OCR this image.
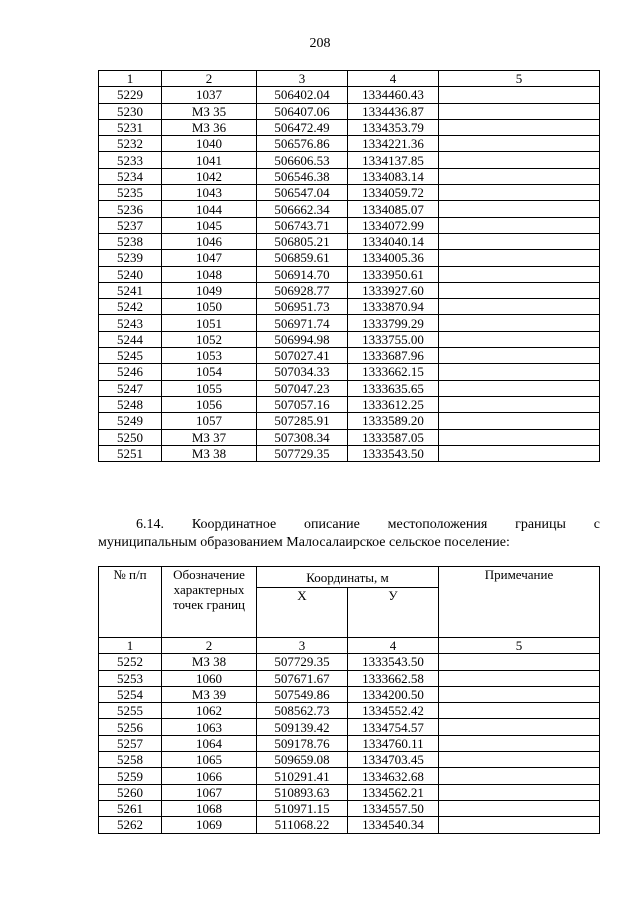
208
1	2	3	4	5
5229	1037	506402.04	1334460.43	
5230	МЗ 35	506407.06	1334436.87	
5231	МЗ 36	506472.49	1334353.79	
5232	1040	506576.86	1334221.36	
5233	1041	506606.53	1334137.85	
5234	1042	506546.38	1334083.14	
5235	1043	506547.04	1334059.72	
5236	1044	506662.34	1334085.07	
5237	1045	506743.71	1334072.99	
5238	1046	506805.21	1334040.14	
5239	1047	506859.61	1334005.36	
5240	1048	506914.70	1333950.61	
5241	1049	506928.77	1333927.60	
5242	1050	506951.73	1333870.94	
5243	1051	506971.74	1333799.29	
5244	1052	506994.98	1333755.00	
5245	1053	507027.41	1333687.96	
5246	1054	507034.33	1333662.15	
5247	1055	507047.23	1333635.65	
5248	1056	507057.16	1333612.25	
5249	1057	507285.91	1333589.20	
5250	МЗ 37	507308.34	1333587.05	
5251	МЗ 38	507729.35	1333543.50	
6.14. Координатное описание местоположения границы с
муниципальным образованием Малосалаирское сельское поселение:
№ п/п	Обозначение характерных точек границ	Координаты, м		Примечание
		Х	У	
1	2	3	4	5
5252	МЗ 38	507729.35	1333543.50	
5253	1060	507671.67	1333662.58	
5254	МЗ 39	507549.86	1334200.50	
5255	1062	508562.73	1334552.42	
5256	1063	509139.42	1334754.57	
5257	1064	509178.76	1334760.11	
5258	1065	509659.08	1334703.45	
5259	1066	510291.41	1334632.68	
5260	1067	510893.63	1334562.21	
5261	1068	510971.15	1334557.50	
5262	1069	511068.22	1334540.34	
